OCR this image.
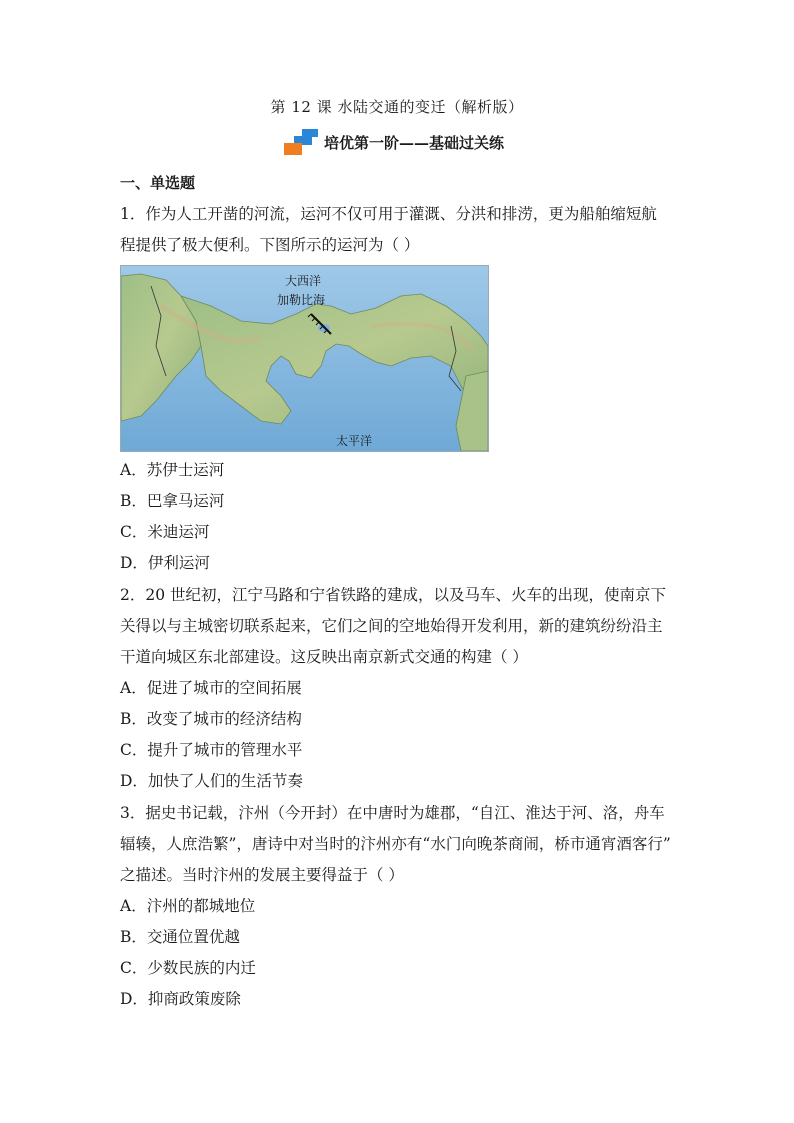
第 12 课 水陆交通的变迁（解析版）
培优第一阶——基础过关练
一、单选题
1．作为人工开凿的河流，运河不仅可用于灌溉、分洪和排涝，更为船舶缩短航
程提供了极大便利。下图所示的运河为（ ）
大西洋
加勒比海
太平洋
A．苏伊士运河
B．巴拿马运河
C．米迪运河
D．伊利运河
2．20 世纪初，江宁马路和宁省铁路的建成，以及马车、火车的出现，使南京下
关得以与主城密切联系起来，它们之间的空地始得开发利用，新的建筑纷纷沿主
干道向城区东北部建设。这反映出南京新式交通的构建（ ）
A．促进了城市的空间拓展
B．改变了城市的经济结构
C．提升了城市的管理水平
D．加快了人们的生活节奏
3．据史书记载，汴州（今开封）在中唐时为雄郡，“自江、淮达于河、洛，舟车
辐辏，人庶浩繁”，唐诗中对当时的汴州亦有“水门向晚茶商闹，桥市通宵酒客行”
之描述。当时汴州的发展主要得益于（ ）
A．汴州的都城地位
B．交通位置优越
C．少数民族的内迁
D．抑商政策废除
